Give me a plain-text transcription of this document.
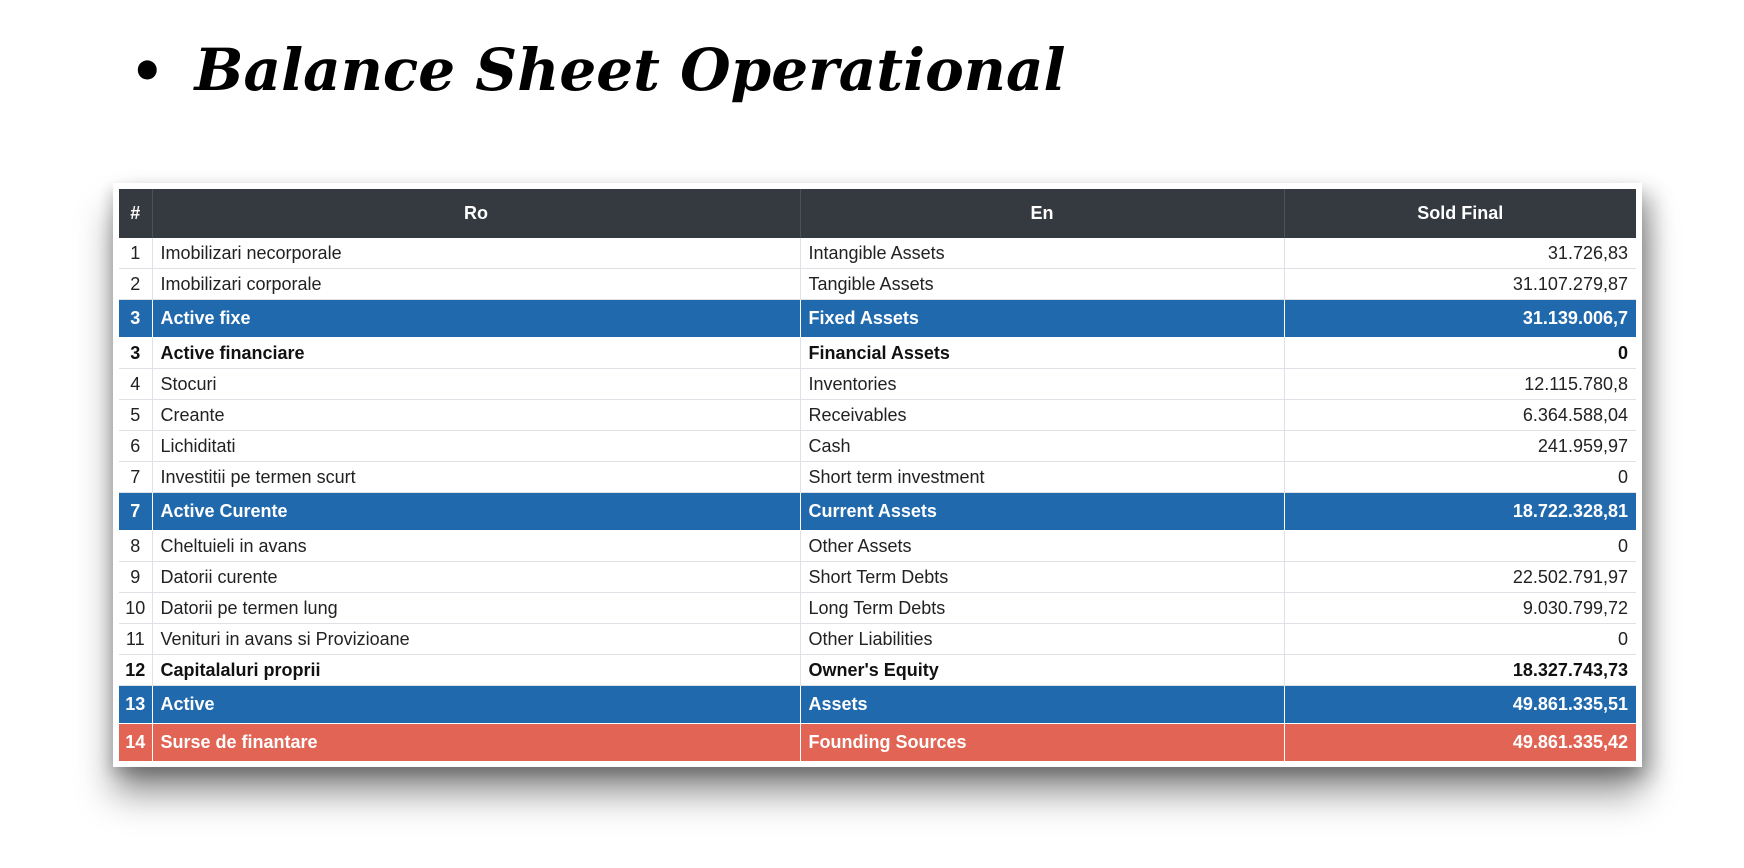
• Balance Sheet Operational
#	Ro	En	Sold Final
1	Imobilizari necorporale	Intangible Assets	31.726,83
2	Imobilizari corporale	Tangible Assets	31.107.279,87
3	Active fixe	Fixed Assets	31.139.006,7
3	Active financiare	Financial Assets	0
4	Stocuri	Inventories	12.115.780,8
5	Creante	Receivables	6.364.588,04
6	Lichiditati	Cash	241.959,97
7	Investitii pe termen scurt	Short term investment	0
7	Active Curente	Current Assets	18.722.328,81
8	Cheltuieli in avans	Other Assets	0
9	Datorii curente	Short Term Debts	22.502.791,97
10	Datorii pe termen lung	Long Term Debts	9.030.799,72
11	Venituri in avans si Provizioane	Other Liabilities	0
12	Capitalaluri proprii	Owner's Equity	18.327.743,73
13	Active	Assets	49.861.335,51
14	Surse de finantare	Founding Sources	49.861.335,42
